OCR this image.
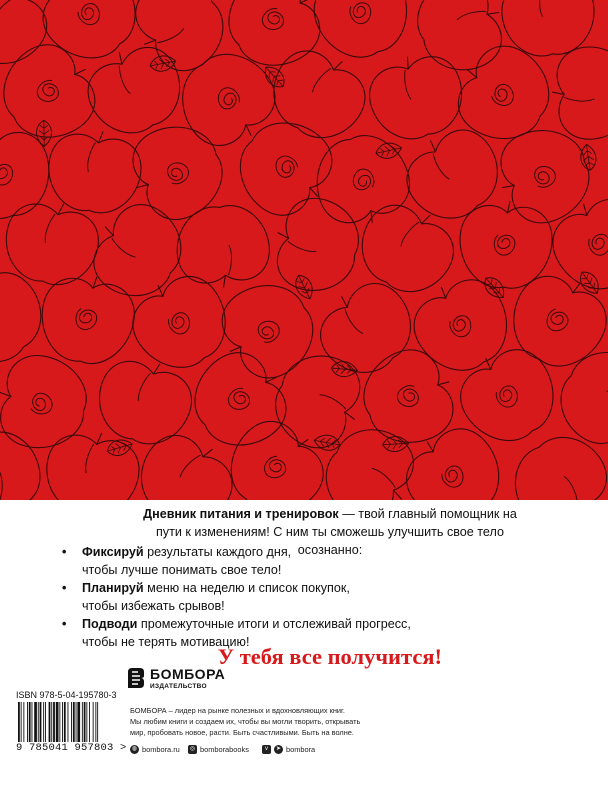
Дневник питания и тренировок — твой главный помощник на пути к изменениям! С ним ты сможешь улучшить свое тело осознанно:
• Фиксируй результаты каждого дня,
чтобы лучше понимать свое тело!
• Планируй меню на неделю и список покупок,
чтобы избежать срывов!
• Подводи промежуточные итоги и отслеживай прогресс,
чтобы не терять мотивацию!
У тебя все получится!
БОМБОРА
ИЗДАТЕЛЬСТВО
ISBN 978-5-04-195780-3
9 785041 957803 >
БОМБОРА – лидер на рынке полезных и вдохновляющих книг.
Мы любим книги и создаем их, чтобы вы могли творить, открывать
мир, пробовать новое, расти. Быть счастливыми. Быть на волне.
◍ bombora.ru	◎ bomborabooks	v	➤ bombora
